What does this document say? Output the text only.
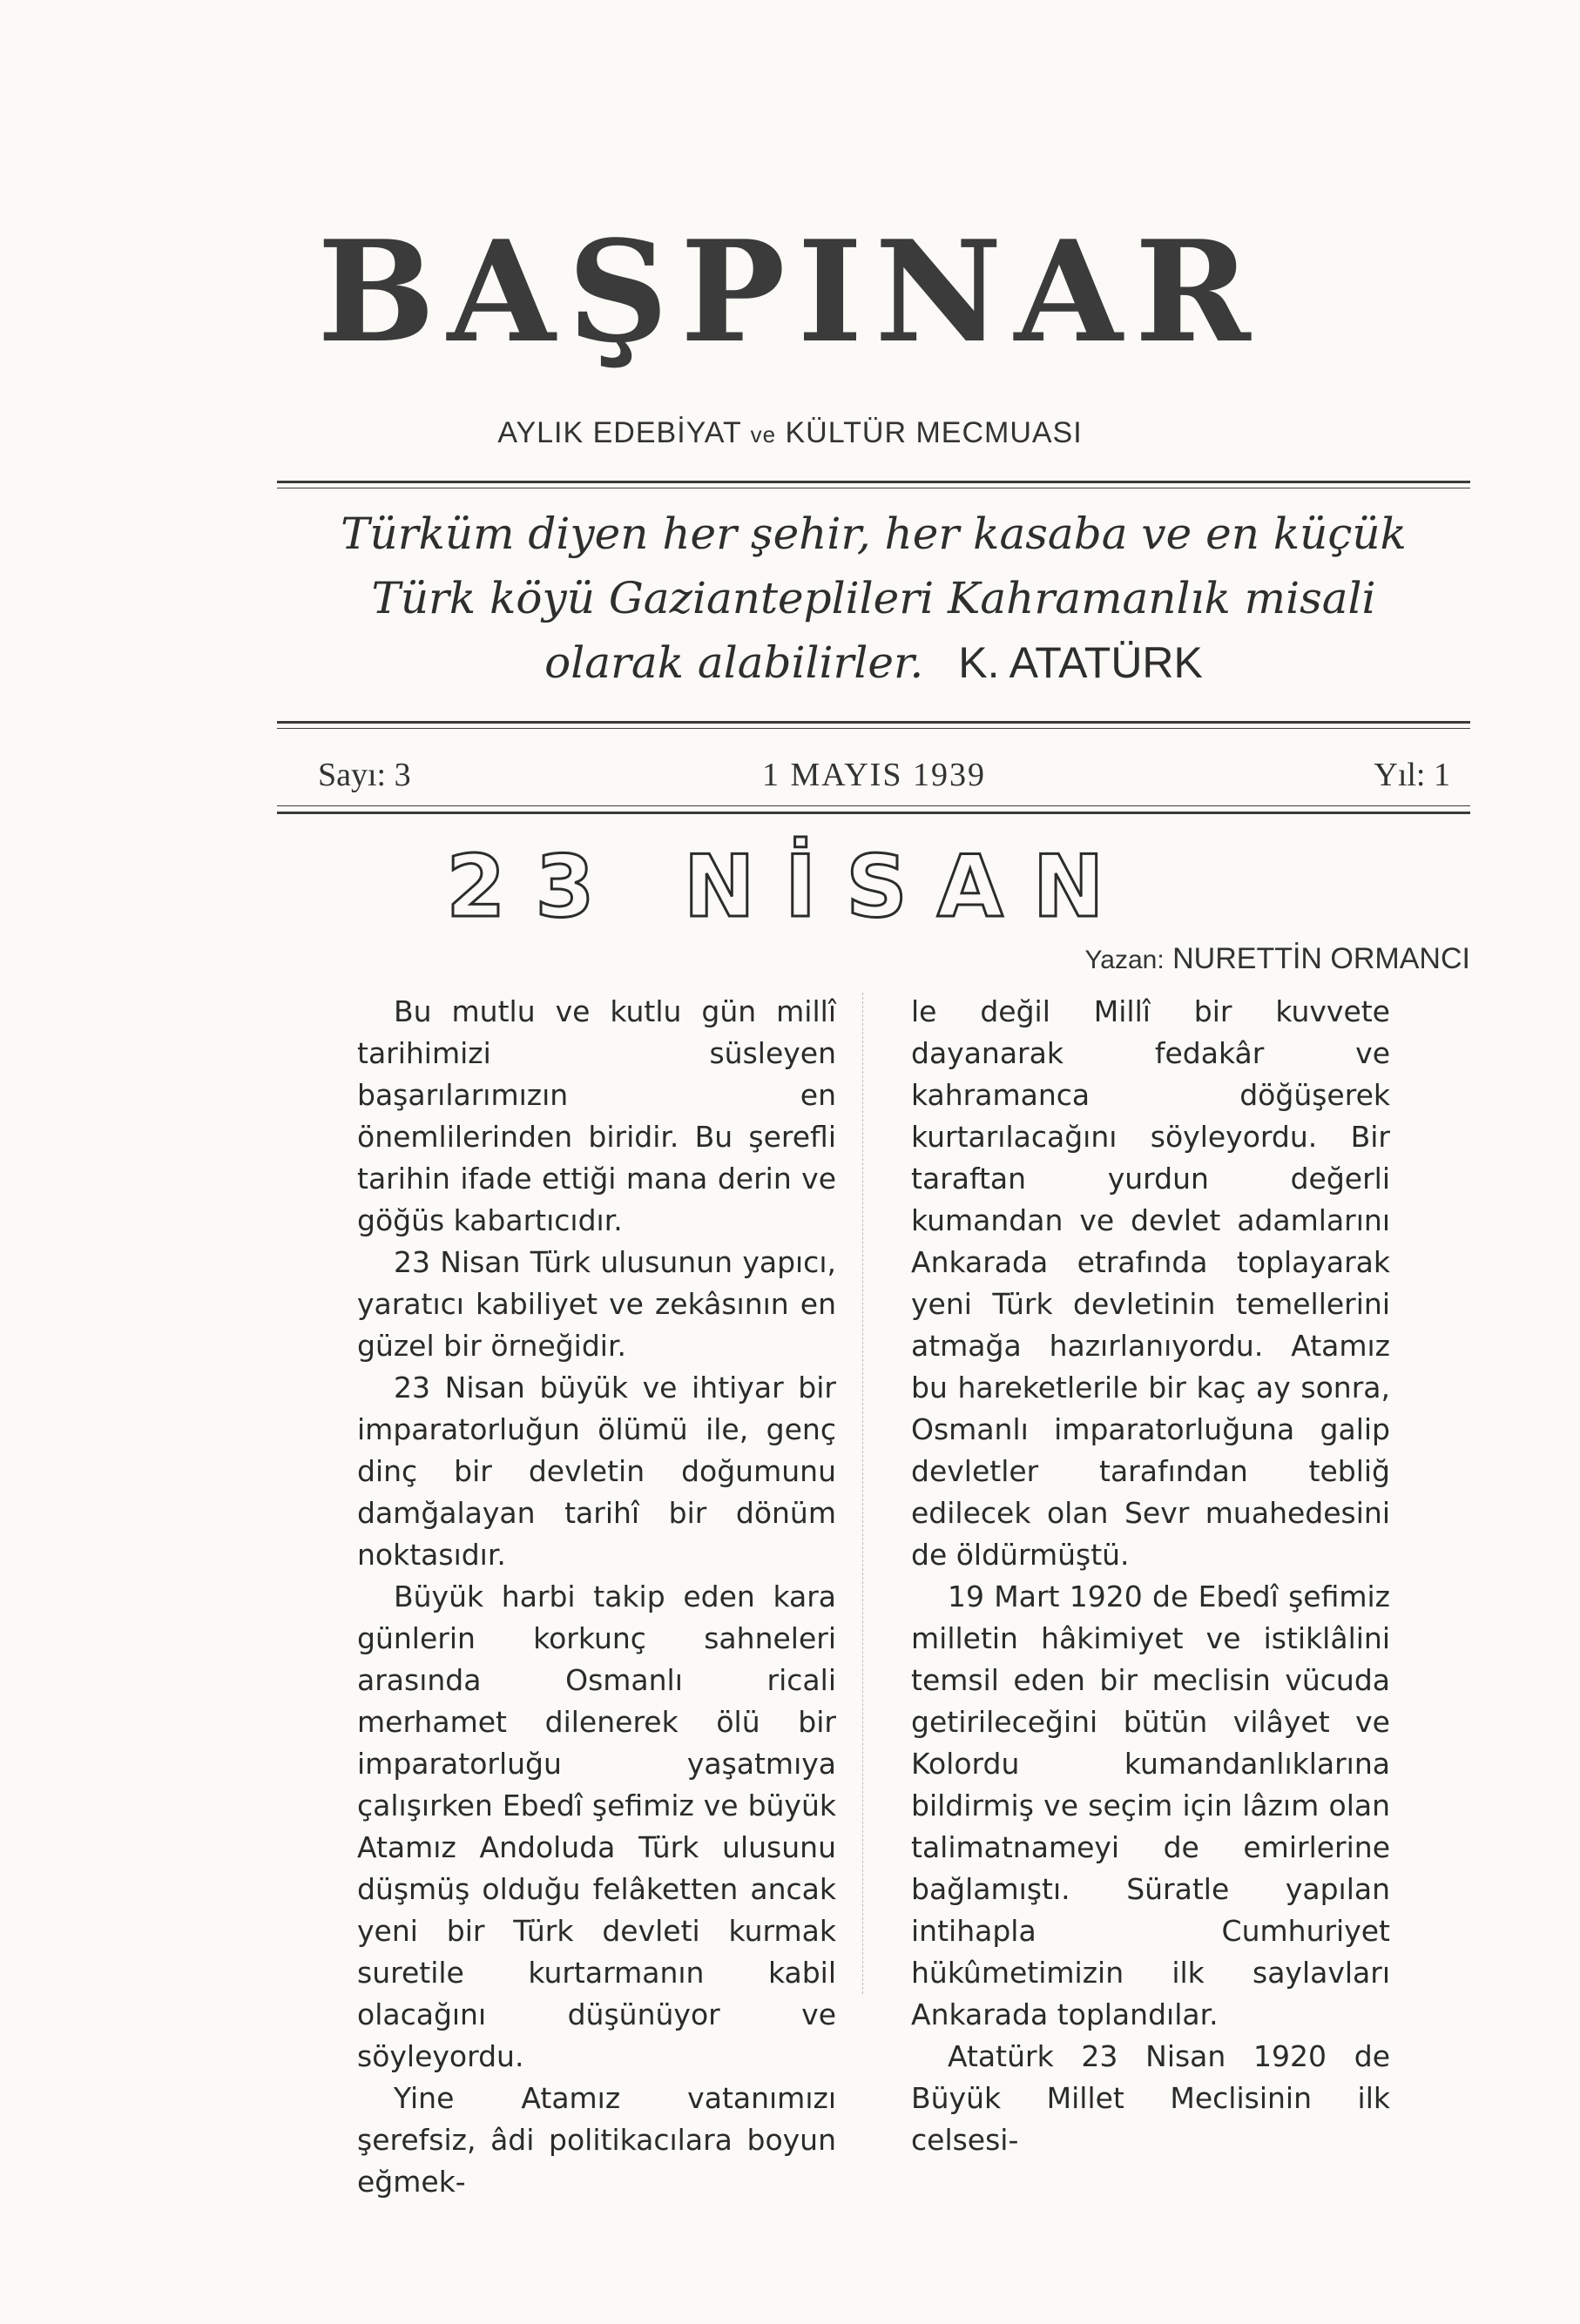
BAŞPINAR
AYLIK EDEBİYAT ve KÜLTÜR MECMUASI
Türküm diyen her şehir, her kasaba ve en küçük
Türk köyü Gazianteplileri Kahramanlık misali
olarak alabilirler. K. ATATÜRK
Sayı: 3	1 MAYIS 1939	Yıl: 1
23 NİSAN
Yazan: NURETTİN ORMANCI

Bu mutlu ve kutlu gün millî tarihimizi süsleyen başarılarımızın en önemlilerinden biridir. Bu şerefli tarihin ifade ettiği mana derin ve göğüs kabartıcıdır.

23 Nisan Türk ulusunun yapıcı, yaratıcı kabiliyet ve zekâsının en güzel bir örneğidir.

23 Nisan büyük ve ihtiyar bir imparatorluğun ölümü ile, genç dinç bir devletin doğumunu damğalayan tarihî bir dönüm noktasıdır.

Büyük harbi takip eden kara günlerin korkunç sahneleri arasında Osmanlı ricali merhamet dilenerek ölü bir imparatorluğu yaşatmıya çalışırken Ebedî şefimiz ve büyük Atamız Andoluda Türk ulusunu düşmüş olduğu felâketten ancak yeni bir Türk devleti kurmak suretile kurtarmanın kabil olacağını düşünüyor ve söyleyordu.

Yine Atamız vatanımızı şerefsiz, âdi politikacılara boyun eğmek-

le değil Millî bir kuvvete dayanarak fedakâr ve kahramanca döğüşerek kurtarılacağını söyleyordu. Bir taraftan yurdun değerli kumandan ve devlet adamlarını Ankarada etrafında toplayarak yeni Türk devletinin temellerini atmağa hazırlanıyordu. Atamız bu hareketlerile bir kaç ay sonra, Osmanlı imparatorluğuna galip devletler tarafından tebliğ edilecek olan Sevr muahedesini de öldürmüştü.

19 Mart 1920 de Ebedî şefimiz milletin hâkimiyet ve istiklâlini temsil eden bir meclisin vücuda getirileceğini bütün vilâyet ve Kolordu kumandanlıklarına bildirmiş ve seçim için lâzım olan talimatnameyi de emirlerine bağlamıştı. Süratle yapılan intihapla Cumhuriyet hükûmetimizin ilk saylavları Ankarada toplandılar.

Atatürk 23 Nisan 1920 de Büyük Millet Meclisinin ilk celsesi-
